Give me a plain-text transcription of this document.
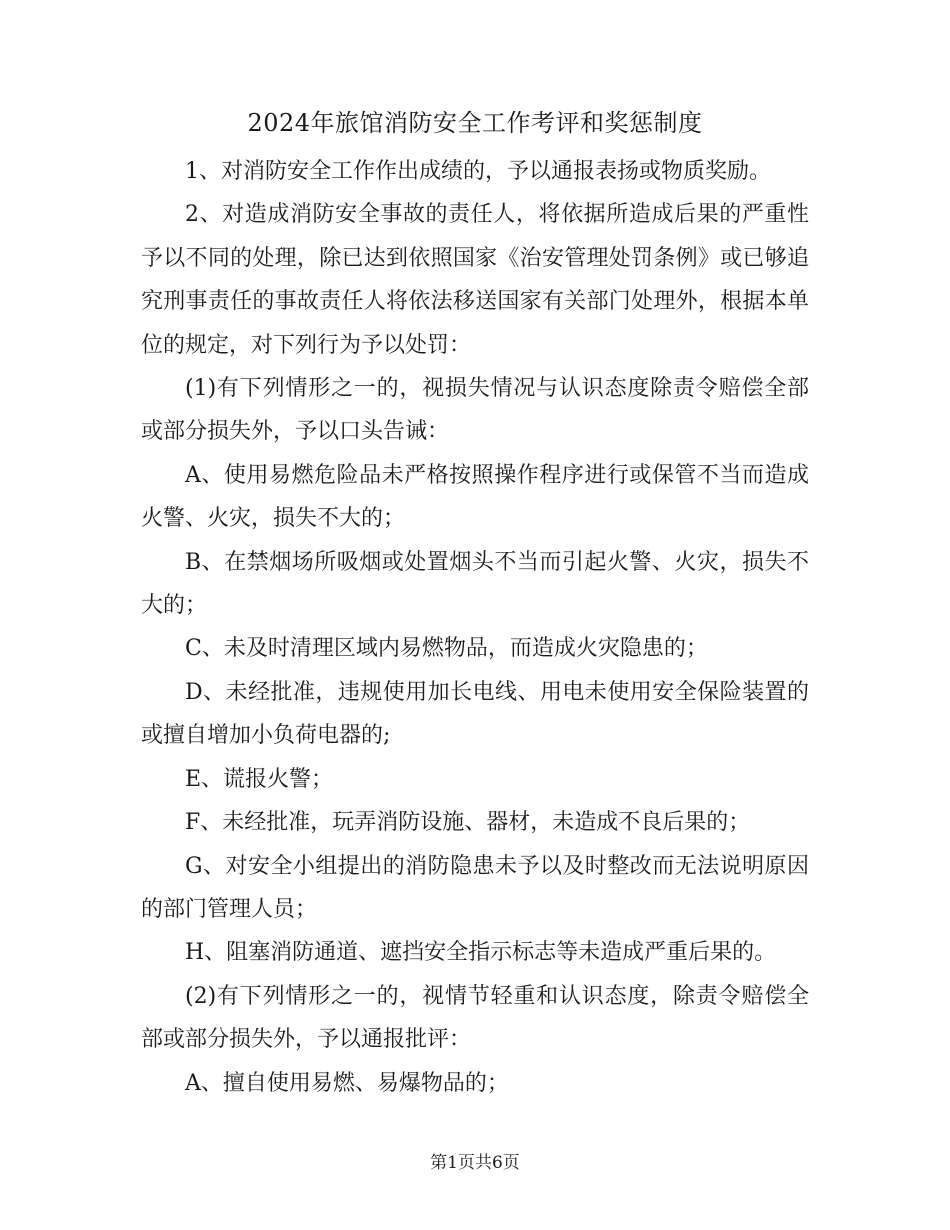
2024年旅馆消防安全工作考评和奖惩制度

1、对消防安全工作作出成绩的，予以通报表扬或物质奖励。

2、对造成消防安全事故的责任人，将依据所造成后果的严重性予以不同的处理，除已达到依照国家《治安管理处罚条例》或已够追究刑事责任的事故责任人将依法移送国家有关部门处理外，根据本单位的规定，对下列行为予以处罚：

(1)有下列情形之一的，视损失情况与认识态度除责令赔偿全部或部分损失外，予以口头告诫：

A、使用易燃危险品未严格按照操作程序进行或保管不当而造成火警、火灾，损失不大的；

B、在禁烟场所吸烟或处置烟头不当而引起火警、火灾，损失不大的；

C、未及时清理区域内易燃物品，而造成火灾隐患的；

D、未经批准，违规使用加长电线、用电未使用安全保险装置的或擅自增加小负荷电器的;

E、谎报火警；

F、未经批准，玩弄消防设施、器材，未造成不良后果的；

G、对安全小组提出的消防隐患未予以及时整改而无法说明原因的部门管理人员；

H、阻塞消防通道、遮挡安全指示标志等未造成严重后果的。

(2)有下列情形之一的，视情节轻重和认识态度，除责令赔偿全部或部分损失外，予以通报批评：

A、擅自使用易燃、易爆物品的；

第1页共6页
